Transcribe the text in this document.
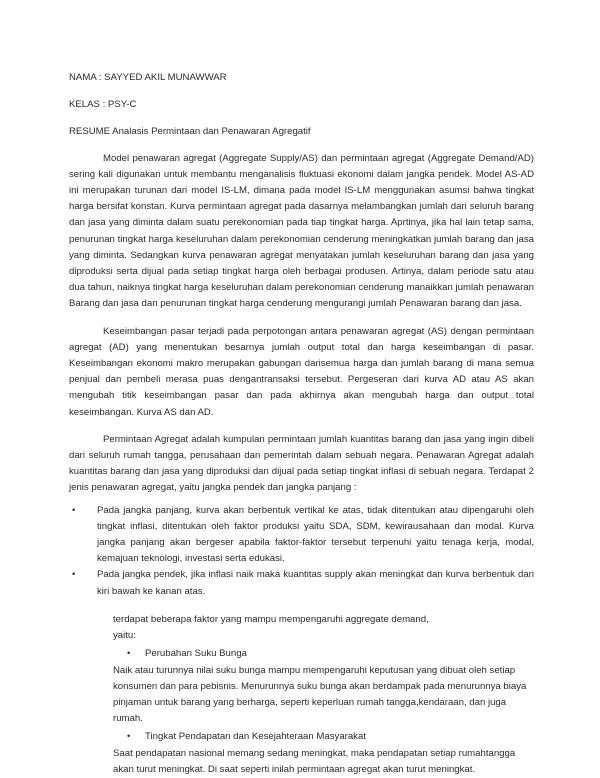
NAMA : SAYYED AKIL MUNAWWAR

KELAS : PSY-C

RESUME Analasis Permintaan dan Penawaran Agregatif

Model penawaran agregat (Aggregate Supply/AS) dan permintaan agregat (Aggregate Demand/AD) sering kali digunakan untuk membantu menganalisis fluktuasi ekonomi dalam jangka pendek. Model AS-AD ini merupakan turunan dari model IS-LM, dimana pada model IS-LM menggunakan asumsi bahwa tingkat harga bersifat konstan. Kurva permintaan agregat pada dasarnya melambangkan jumlah dari seluruh barang dan jasa yang diminta dalam suatu perekonomian pada tiap tingkat harga. Aprtinya, jika hal lain tetap sama, penurunan tingkat harga keseluruhan dalam perekonomian cenderung meningkatkan jumlah barang dan jasa yang diminta. Sedangkan kurva penawaran agregat menyatakan jumlah keseluruhan barang dan jasa yang diproduksi serta dijual pada setiap tingkat harga oleh berbagai produsen. Artinya, dalam periode satu atau dua tahun, naiknya tingkat harga keseluruhan dalam perekonomian cenderung manaikkan jumlah penawaran Barang dan jasa dan penurunan tingkat harga cenderung mengurangi jumlah Penawaran barang dan jasa.

Keseimbangan pasar terjadi pada perpotongan antara penawaran agregat (AS) dengan permintaan agregat (AD) yang menentukan besarnya jumlah output total dan harga keseimbangan di pasar. Keseimbangan ekonomi makro merupakan gabungan darisemua harga dan jumlah barang di mana semua penjual dan pembeli merasa puas dengantransaksi tersebut. Pergeseran dari kurva AD atau AS akan mengubah titik keseimbangan pasar dan pada akhirnya akan mengubah harga dan output total keseimbangan. Kurva AS dan AD.

Permintaan Agregat adalah kumpulan permintaan jumlah kuantitas barang dan jasa yang ingin dibeli dari seluruh rumah tangga, perusahaan dan pemerintah dalam sebuah negara. Penawaran Agregat adalah kuantitas barang dan jasa yang diproduksi dan dijual pada setiap tingkat inflasi di sebuah negara. Terdapat 2 jenis penawaran agregat, yaitu jangka pendek dan jangka panjang :

• Pada jangka panjang, kurva akan berbentuk vertikal ke atas, tidak ditentukan atau dipengaruhi oleh tingkat inflasi, ditentukan oleh faktor produksi yaitu SDA, SDM, kewirausahaan dan modal. Kurva jangka panjang akan bergeser apabila faktor-faktor tersebut terpenuhi yaitu tenaga kerja, modal, kemajuan teknologi, investasi serta edukasi.
• Pada jangka pendek, jika inflasi naik maka kuantitas supply akan meningkat dan kurva berbentuk dari kiri bawah ke kanan atas.

terdapat beberapa faktor yang mampu mempengaruhi aggregate demand,

yaitu:

• Perubahan Suku Bunga

Naik atau turunnya nilai suku bunga mampu mempengaruhi keputusan yang dibuat oleh setiap konsumen dan para pebisnis. Menurunnya suku bunga akan berdampak pada menurunnya biaya pinjaman untuk barang yang berharga, seperti keperluan rumah tangga,kendaraan, dan juga rumah.

• Tingkat Pendapatan dan Kesejahteraan Masyarakat

Saat pendapatan nasional memang sedang meningkat, maka pendapatan setiap rumahtangga akan turut meningkat. Di saat seperti inilah permintaan agregat akan turut meningkat.
